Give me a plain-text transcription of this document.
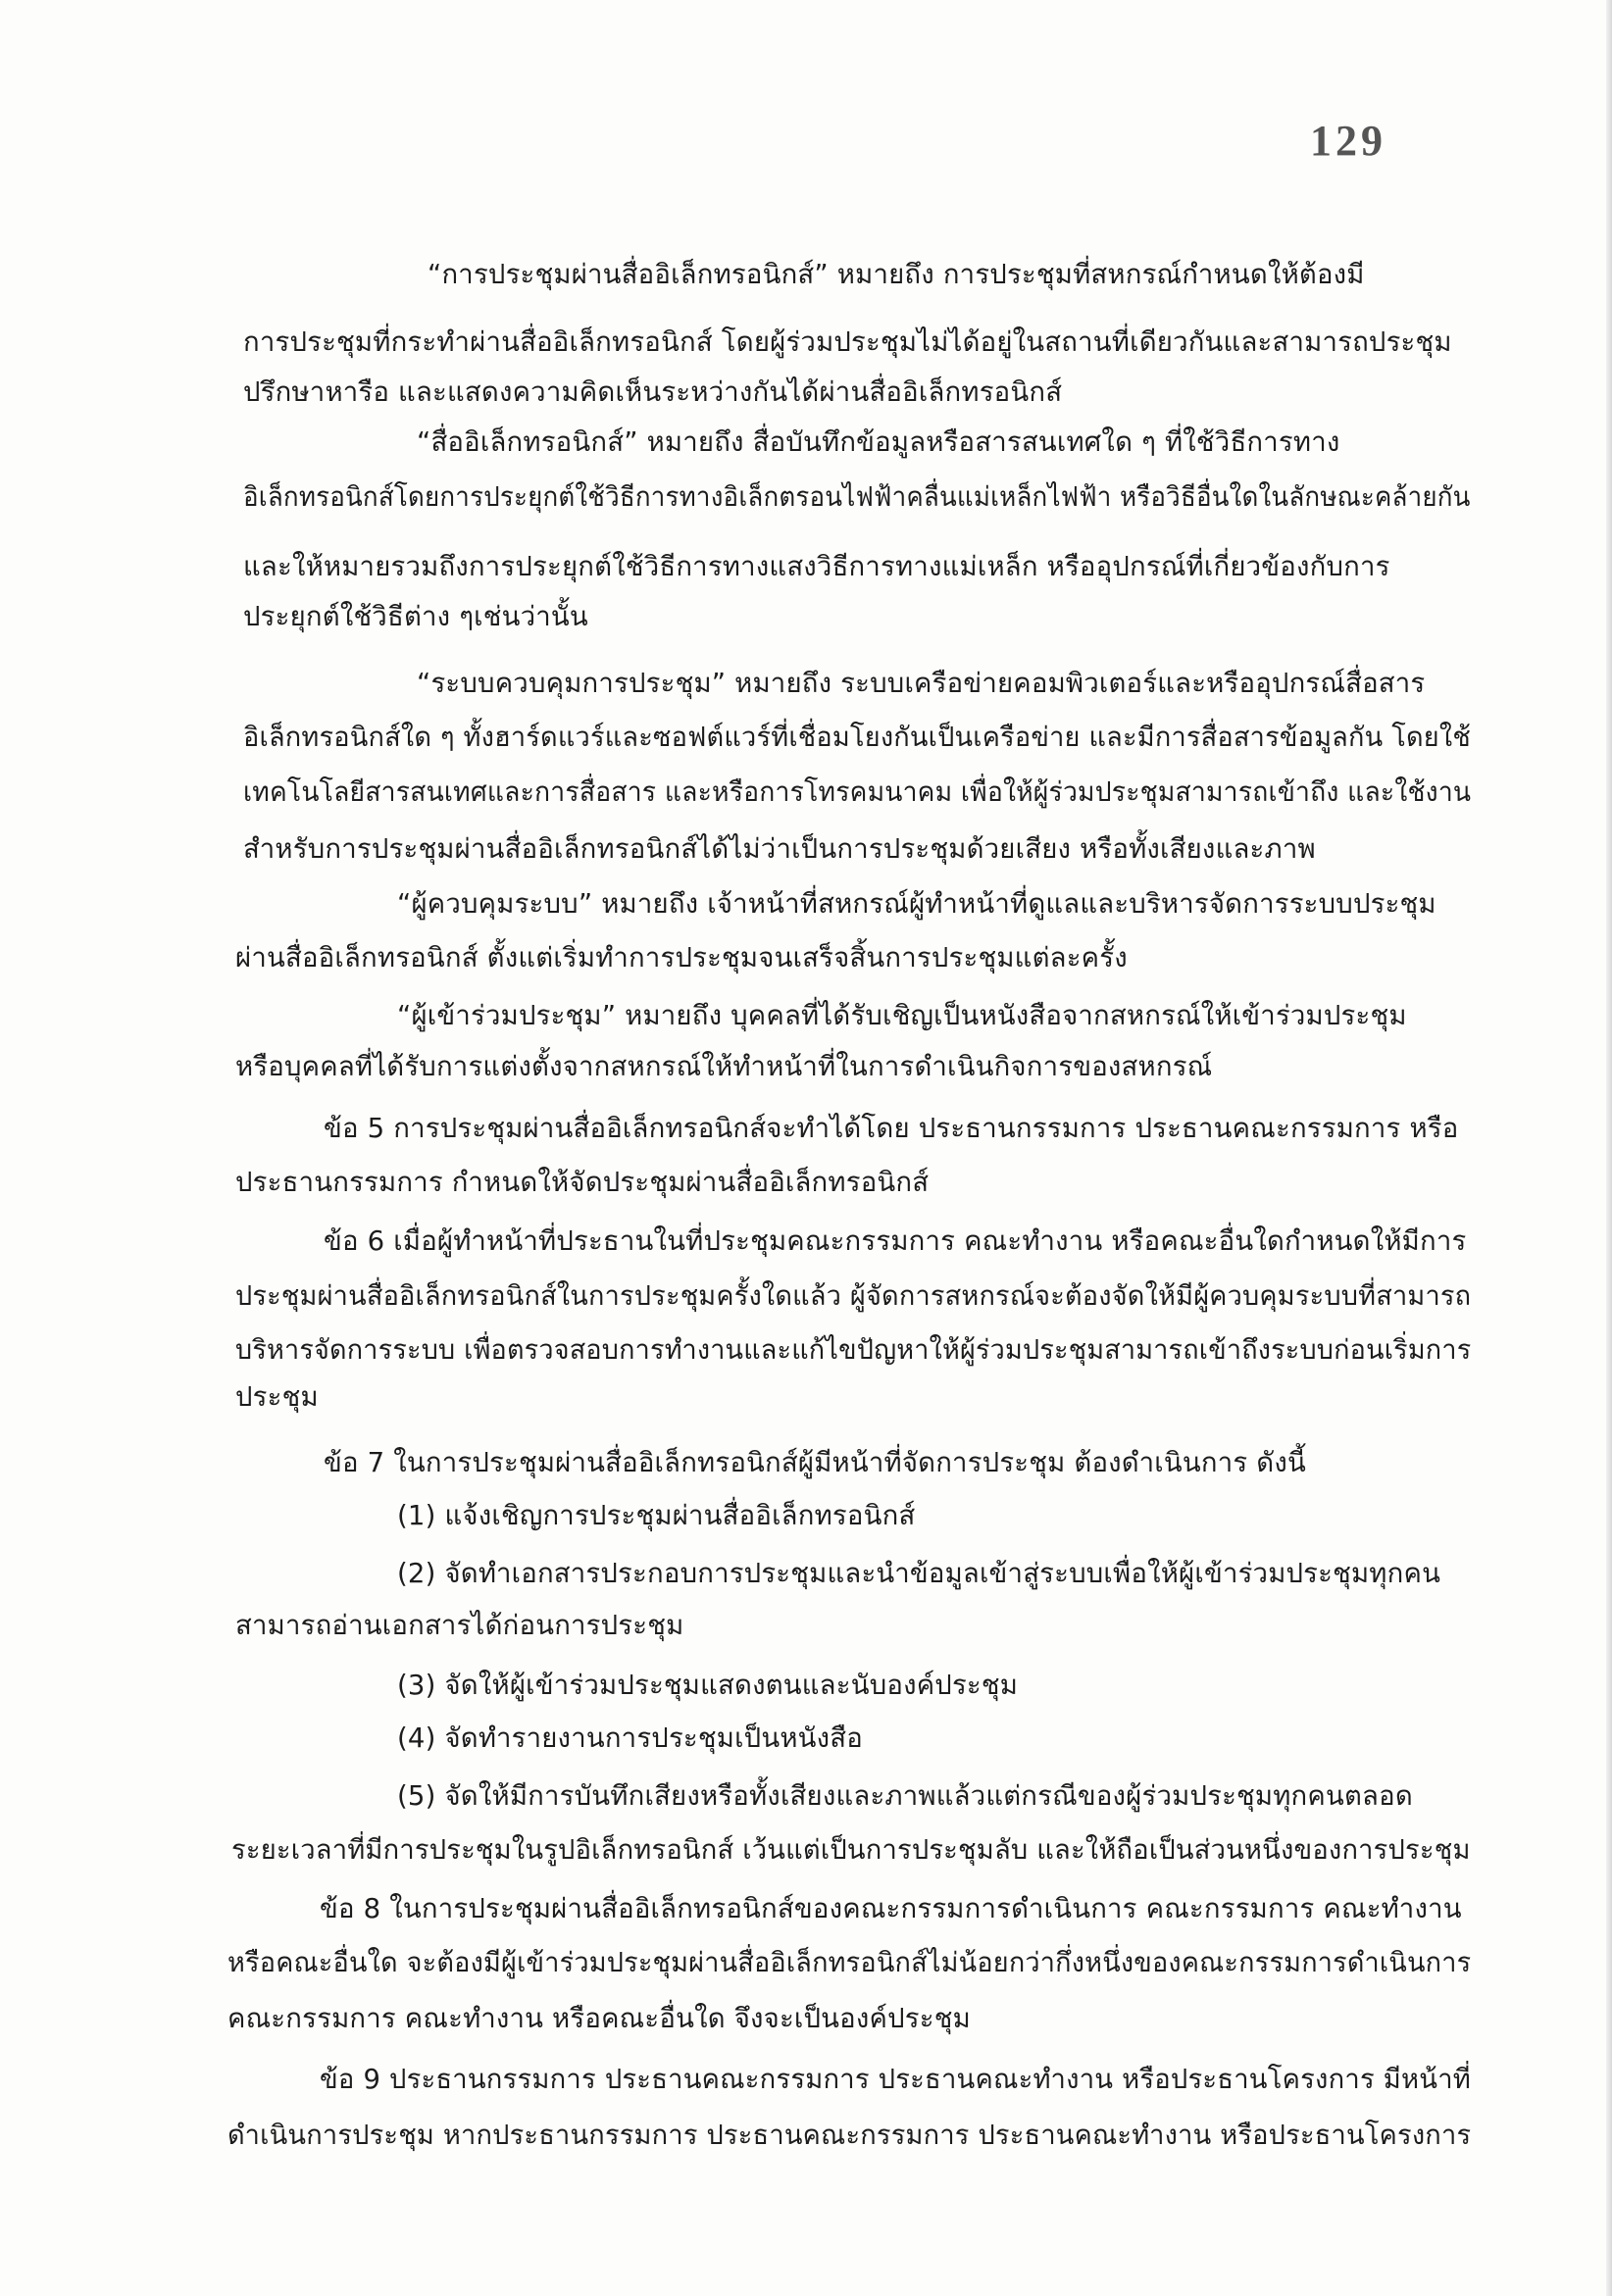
129
“การประชุมผ่านสื่ออิเล็กทรอนิกส์” หมายถึง การประชุมที่สหกรณ์กำหนดให้ต้องมี
การประชุมที่กระทำผ่านสื่ออิเล็กทรอนิกส์ โดยผู้ร่วมประชุมไม่ได้อยู่ในสถานที่เดียวกันและสามารถประชุม
ปรึกษาหารือ และแสดงความคิดเห็นระหว่างกันได้ผ่านสื่ออิเล็กทรอนิกส์
“สื่ออิเล็กทรอนิกส์” หมายถึง สื่อบันทึกข้อมูลหรือสารสนเทศใด ๆ ที่ใช้วิธีการทาง
อิเล็กทรอนิกส์โดยการประยุกต์ใช้วิธีการทางอิเล็กตรอนไฟฟ้าคลื่นแม่เหล็กไฟฟ้า หรือวิธีอื่นใดในลักษณะคล้ายกัน
และให้หมายรวมถึงการประยุกต์ใช้วิธีการทางแสงวิธีการทางแม่เหล็ก หรืออุปกรณ์ที่เกี่ยวข้องกับการ
ประยุกต์ใช้วิธีต่าง ๆเช่นว่านั้น
“ระบบควบคุมการประชุม” หมายถึง ระบบเครือข่ายคอมพิวเตอร์และหรืออุปกรณ์สื่อสาร
อิเล็กทรอนิกส์ใด ๆ ทั้งฮาร์ดแวร์และซอฟต์แวร์ที่เชื่อมโยงกันเป็นเครือข่าย และมีการสื่อสารข้อมูลกัน โดยใช้
เทคโนโลยีสารสนเทศและการสื่อสาร และหรือการโทรคมนาคม เพื่อให้ผู้ร่วมประชุมสามารถเข้าถึง และใช้งาน
สำหรับการประชุมผ่านสื่ออิเล็กทรอนิกส์ได้ไม่ว่าเป็นการประชุมด้วยเสียง หรือทั้งเสียงและภาพ
“ผู้ควบคุมระบบ” หมายถึง เจ้าหน้าที่สหกรณ์ผู้ทำหน้าที่ดูแลและบริหารจัดการระบบประชุม
ผ่านสื่ออิเล็กทรอนิกส์ ตั้งแต่เริ่มทำการประชุมจนเสร็จสิ้นการประชุมแต่ละครั้ง
“ผู้เข้าร่วมประชุม” หมายถึง บุคคลที่ได้รับเชิญเป็นหนังสือจากสหกรณ์ให้เข้าร่วมประชุม
หรือบุคคลที่ได้รับการแต่งตั้งจากสหกรณ์ให้ทำหน้าที่ในการดำเนินกิจการของสหกรณ์
ข้อ 5 การประชุมผ่านสื่ออิเล็กทรอนิกส์จะทำได้โดย ประธานกรรมการ ประธานคณะกรรมการ หรือ
ประธานกรรมการ กำหนดให้จัดประชุมผ่านสื่ออิเล็กทรอนิกส์
ข้อ 6 เมื่อผู้ทำหน้าที่ประธานในที่ประชุมคณะกรรมการ คณะทำงาน หรือคณะอื่นใดกำหนดให้มีการ
ประชุมผ่านสื่ออิเล็กทรอนิกส์ในการประชุมครั้งใดแล้ว ผู้จัดการสหกรณ์จะต้องจัดให้มีผู้ควบคุมระบบที่สามารถ
บริหารจัดการระบบ เพื่อตรวจสอบการทำงานและแก้ไขปัญหาให้ผู้ร่วมประชุมสามารถเข้าถึงระบบก่อนเริ่มการ
ประชุม
ข้อ 7 ในการประชุมผ่านสื่ออิเล็กทรอนิกส์ผู้มีหน้าที่จัดการประชุม ต้องดำเนินการ ดังนี้
(1) แจ้งเชิญการประชุมผ่านสื่ออิเล็กทรอนิกส์
(2) จัดทำเอกสารประกอบการประชุมและนำข้อมูลเข้าสู่ระบบเพื่อให้ผู้เข้าร่วมประชุมทุกคน
สามารถอ่านเอกสารได้ก่อนการประชุม
(3) จัดให้ผู้เข้าร่วมประชุมแสดงตนและนับองค์ประชุม
(4) จัดทำรายงานการประชุมเป็นหนังสือ
(5) จัดให้มีการบันทึกเสียงหรือทั้งเสียงและภาพแล้วแต่กรณีของผู้ร่วมประชุมทุกคนตลอด
ระยะเวลาที่มีการประชุมในรูปอิเล็กทรอนิกส์ เว้นแต่เป็นการประชุมลับ และให้ถือเป็นส่วนหนึ่งของการประชุม
ข้อ 8 ในการประชุมผ่านสื่ออิเล็กทรอนิกส์ของคณะกรรมการดำเนินการ คณะกรรมการ คณะทำงาน
หรือคณะอื่นใด จะต้องมีผู้เข้าร่วมประชุมผ่านสื่ออิเล็กทรอนิกส์ไม่น้อยกว่ากึ่งหนึ่งของคณะกรรมการดำเนินการ
คณะกรรมการ คณะทำงาน หรือคณะอื่นใด จึงจะเป็นองค์ประชุม
ข้อ 9 ประธานกรรมการ ประธานคณะกรรมการ ประธานคณะทำงาน หรือประธานโครงการ มีหน้าที่
ดำเนินการประชุม หากประธานกรรมการ ประธานคณะกรรมการ ประธานคณะทำงาน หรือประธานโครงการ
